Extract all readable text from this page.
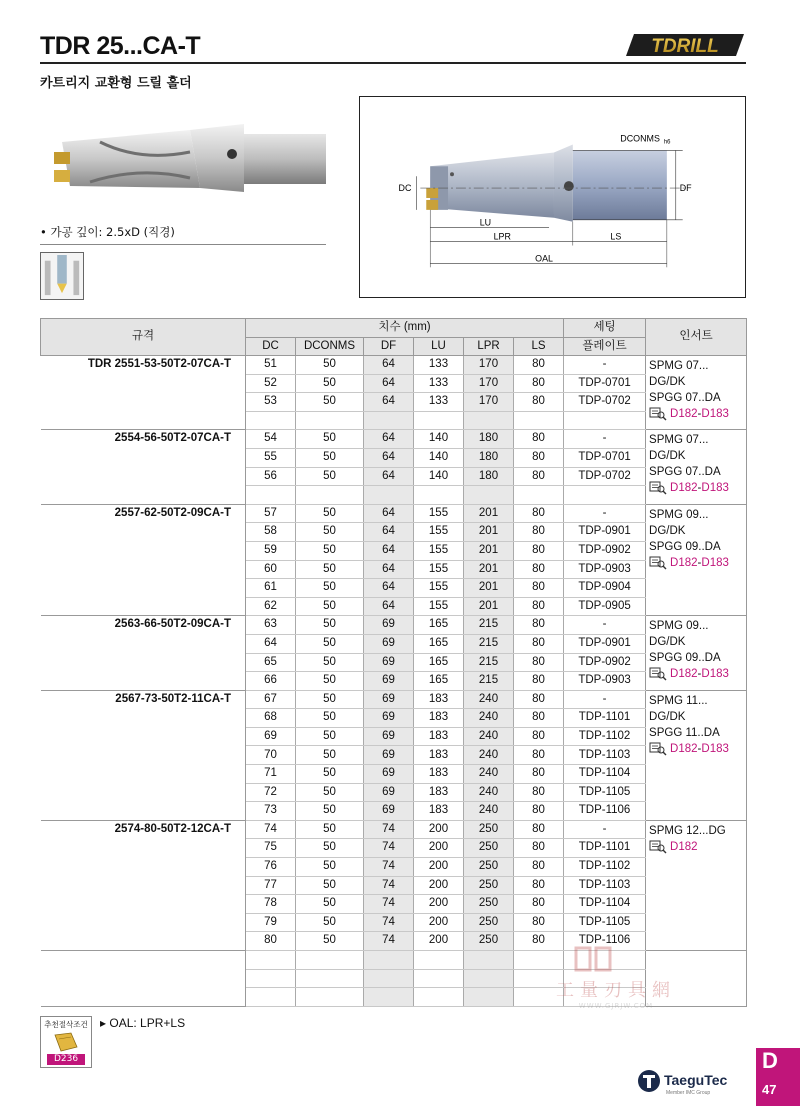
TDR 25...CA-T	TDRILL
카트리지 교환형 드릴 홀더
• 가공 깊이: 2.5xD (직경)
DCONMS h6
DF
DC
LU
LPR	LS
OAL
규격	치수 (mm)						세팅	인서트
	DC	DCONMS	DF	LU	LPR	LS	플레이트	
TDR 2551-53-50T2-07CA-T	51	50	64	133	170	80	-	SPMG 07...
DG/DK
SPGG 07..DA
D182-D183

	52	50	64	133	170	80	TDP-0701	
	53	50	64	133	170	80	TDP-0702	

2554-56-50T2-07CA-T	54	50	64	140	180	80	-	SPMG 07...
DG/DK
SPGG 07..DA
D182-D183

	55	50	64	140	180	80	TDP-0701	
	56	50	64	140	180	80	TDP-0702	

2557-62-50T2-09CA-T	57	50	64	155	201	80	-	SPMG 09...
DG/DK
SPGG 09..DA
D182-D183

	58	50	64	155	201	80	TDP-0901	
	59	50	64	155	201	80	TDP-0902	
	60	50	64	155	201	80	TDP-0903	
	61	50	64	155	201	80	TDP-0904	
	62	50	64	155	201	80	TDP-0905	
2563-66-50T2-09CA-T	63	50	69	165	215	80	-	SPMG 09...
DG/DK
SPGG 09..DA
D182-D183

	64	50	69	165	215	80	TDP-0901	
	65	50	69	165	215	80	TDP-0902	
	66	50	69	165	215	80	TDP-0903	
2567-73-50T2-11CA-T	67	50	69	183	240	80	-	SPMG 11...
DG/DK
SPGG 11..DA
D182-D183

	68	50	69	183	240	80	TDP-1101	
	69	50	69	183	240	80	TDP-1102	
	70	50	69	183	240	80	TDP-1103	
	71	50	69	183	240	80	TDP-1104	
	72	50	69	183	240	80	TDP-1105	
	73	50	69	183	240	80	TDP-1106	
2574-80-50T2-12CA-T	74	50	74	200	250	80	-	SPMG 12...DG
D182

	75	50	74	200	250	80	TDP-1101	
	76	50	74	200	250	80	TDP-1102	
	77	50	74	200	250	80	TDP-1103	
	78	50	74	200	250	80	TDP-1104	
	79	50	74	200	250	80	TDP-1105	
	80	50	74	200	250	80	TDP-1106	

추천절삭조건
D236
▸ OAL: LPR+LS
工量刃具網
WWW.GJRJW.COM
TaeguTec
Member IMC Group
D
47
